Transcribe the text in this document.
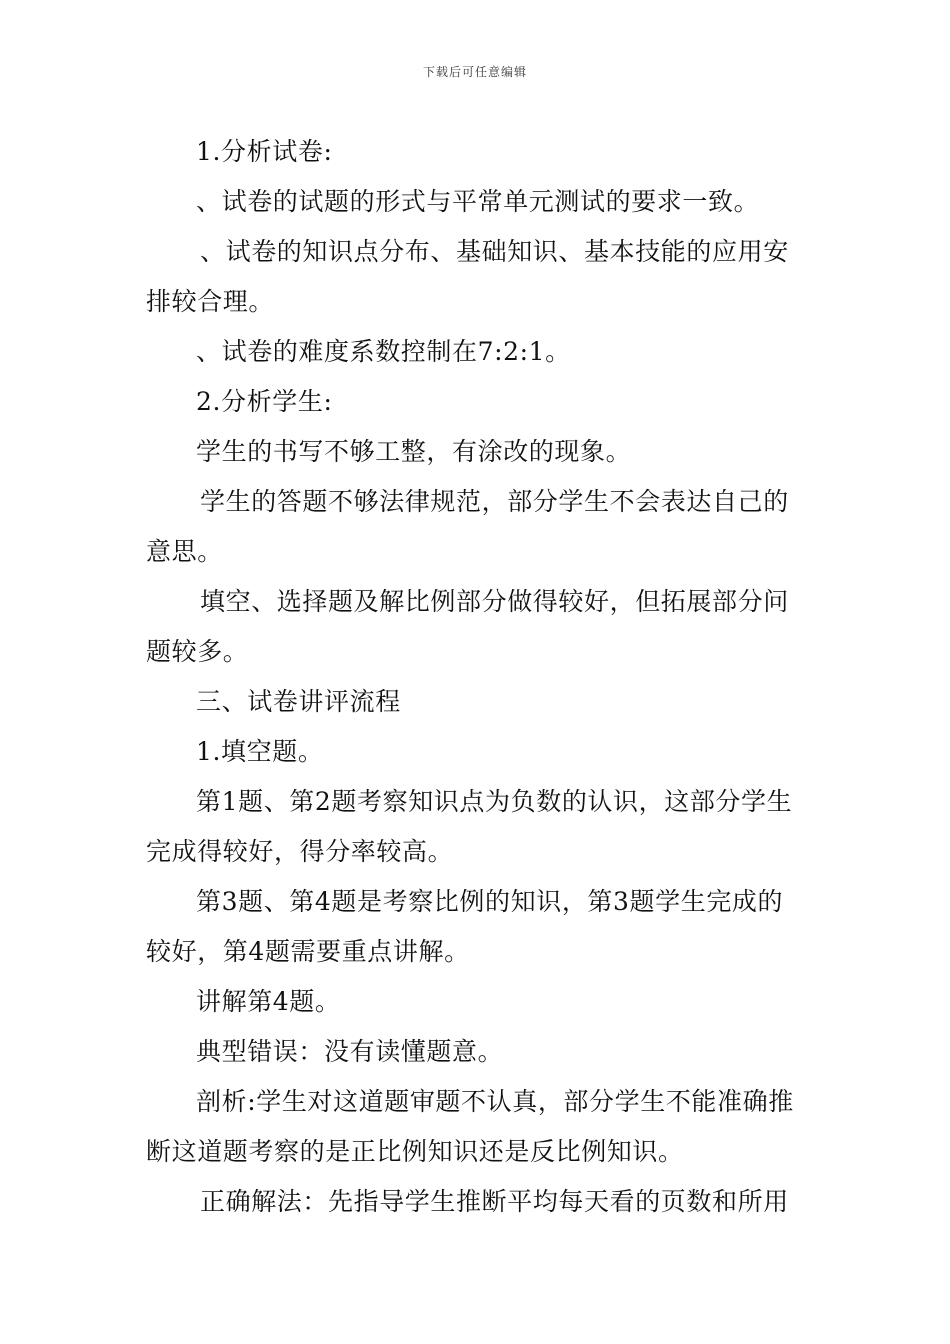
下载后可任意编辑
1.分析试卷:
、试卷的试题的形式与平常单元测试的要求一致。
、试卷的知识点分布、基础知识、基本技能的应用安
排较合理。
、试卷的难度系数控制在7:2:1。
2.分析学生:
学生的书写不够工整，有涂改的现象。
学生的答题不够法律规范，部分学生不会表达自己的
意思。
填空、选择题及解比例部分做得较好，但拓展部分问
题较多。
三、试卷讲评流程
1.填空题。
第1题、第2题考察知识点为负数的认识，这部分学生
完成得较好，得分率较高。
第3题、第4题是考察比例的知识，第3题学生完成的
较好，第4题需要重点讲解。
讲解第4题。
典型错误：没有读懂题意。
剖析:学生对这道题审题不认真，部分学生不能准确推
断这道题考察的是正比例知识还是反比例知识。
正确解法：先指导学生推断平均每天看的页数和所用
